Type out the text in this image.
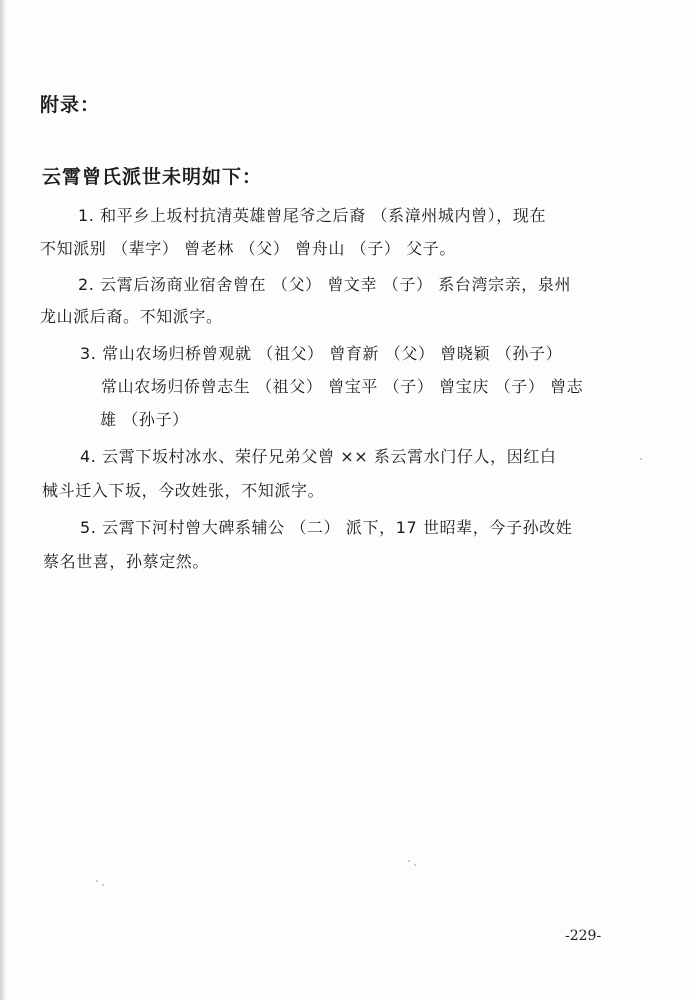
附录：
云霄曾氏派世未明如下：
1. 和平乡上坂村抗清英雄曾尾爷之后裔 （系漳州城内曾），现在
不知派别 （辈字） 曾老林 （父） 曾舟山 （子） 父子。
2. 云霄后汤商业宿舍曾在 （父） 曾文幸 （子） 系台湾宗亲，泉州
龙山派后裔。不知派字。
3. 常山农场归桥曾观就 （祖父） 曾育新 （父） 曾晓颖 （孙子）
常山农场归侨曾志生 （祖父） 曾宝平 （子） 曾宝庆 （子） 曾志
雄 （孙子）
4. 云霄下坂村冰水、荣仔兄弟父曾 ×× 系云霄水门仔人，因红白
械斗迁入下坂，今改姓张，不知派字。
5. 云霄下河村曾大碑系辅公 （二） 派下，17 世昭辈，今子孙改姓
蔡名世喜，孙蔡定然。
-229-
